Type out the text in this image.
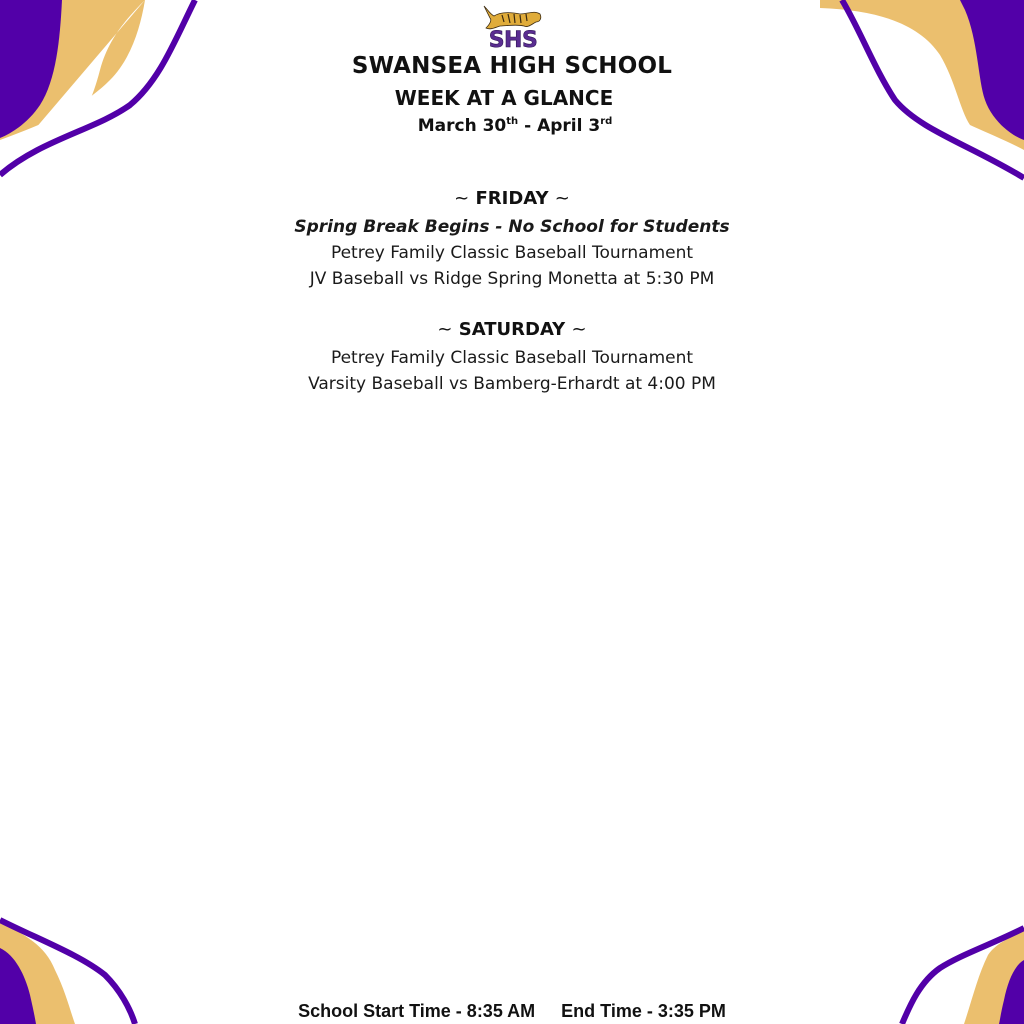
SHS
SWANSEA HIGH SCHOOL
WEEK AT A GLANCE
March 30th - April 3rd
~ FRIDAY ~
Spring Break Begins - No School for Students
Petrey Family Classic Baseball Tournament
JV Baseball vs Ridge Spring Monetta at 5:30 PM
~ SATURDAY ~
Petrey Family Classic Baseball Tournament
Varsity Baseball vs Bamberg-Erhardt at 4:00 PM
School Start Time - 8:35 AM End Time - 3:35 PM
